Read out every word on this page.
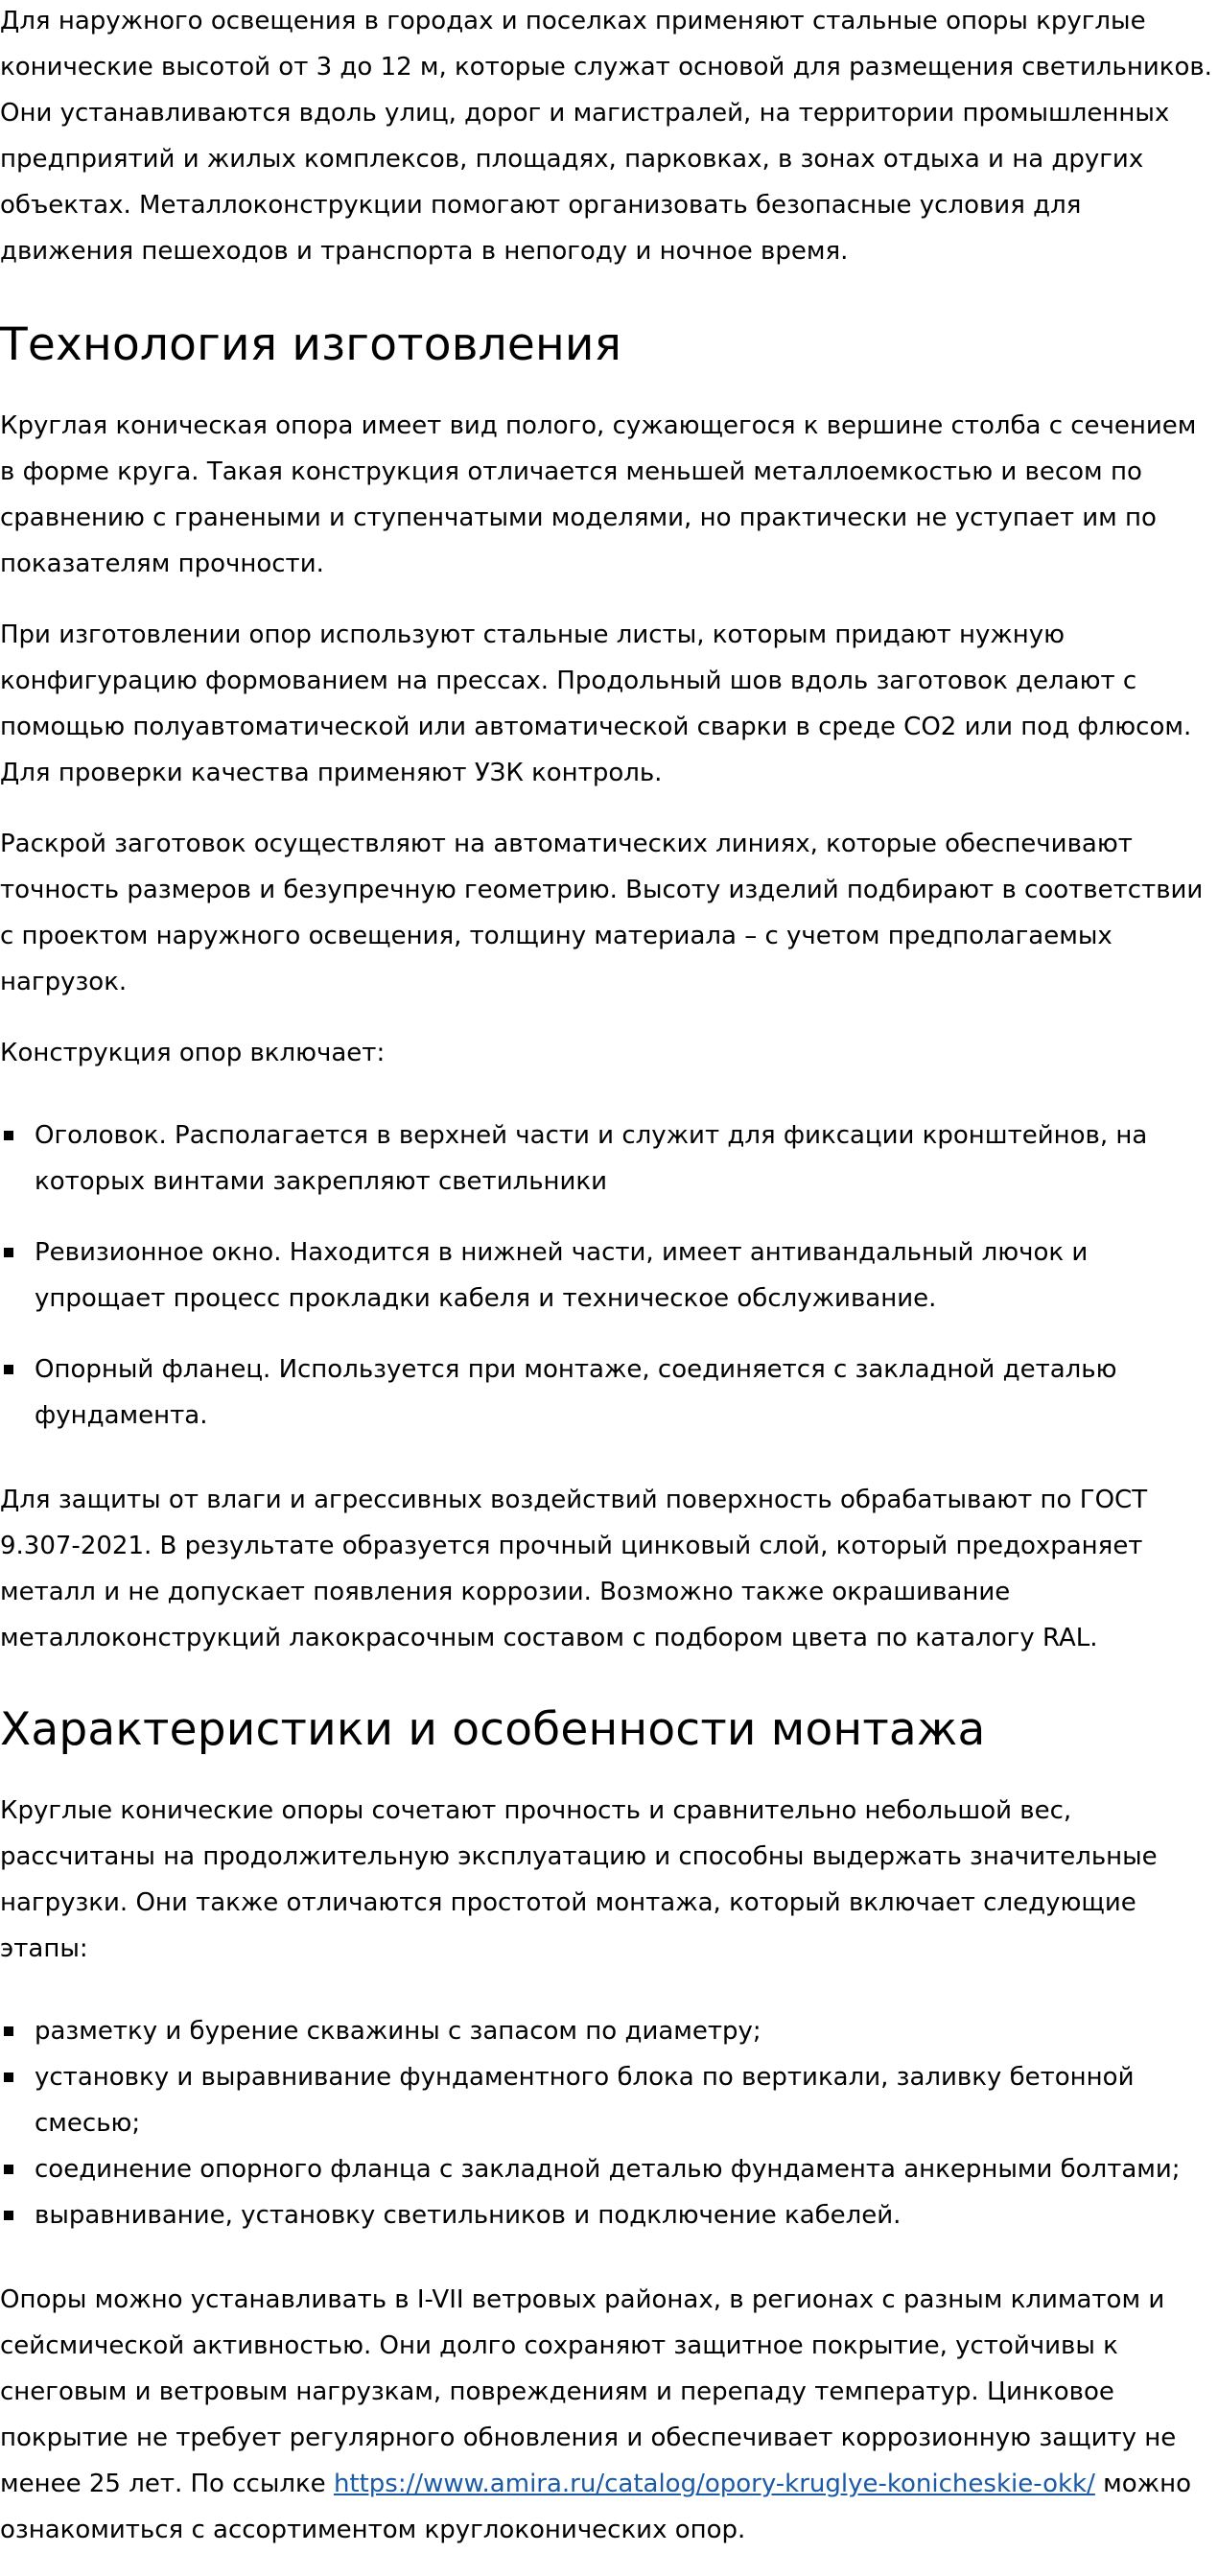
Для наружного освещения в городах и поселках применяют стальные опоры круглые конические высотой от 3 до 12 м, которые служат основой для размещения светильников. Они устанавливаются вдоль улиц, дорог и магистралей, на территории промышленных предприятий и жилых комплексов, площадях, парковках, в зонах отдыха и на других объектах. Металлоконструкции помогают организовать безопасные условия для движения пешеходов и транспорта в непогоду и ночное время.

Технология изготовления

Круглая коническая опора имеет вид полого, сужающегося к вершине столба с сечением в форме круга. Такая конструкция отличается меньшей металлоемкостью и весом по сравнению с гранеными и ступенчатыми моделями, но практически не уступает им по показателям прочности.

При изготовлении опор используют стальные листы, которым придают нужную конфигурацию формованием на прессах. Продольный шов вдоль заготовок делают с помощью полуавтоматической или автоматической сварки в среде CO2 или под флюсом. Для проверки качества применяют УЗК контроль.

Раскрой заготовок осуществляют на автоматических линиях, которые обеспечивают точность размеров и безупречную геометрию. Высоту изделий подбирают в соответствии с проектом наружного освещения, толщину материала – с учетом предполагаемых нагрузок.

Конструкция опор включает:

Оголовок. Располагается в верхней части и служит для фиксации кронштейнов, на которых винтами закрепляют светильники
Ревизионное окно. Находится в нижней части, имеет антивандальный лючок и упрощает процесс прокладки кабеля и техническое обслуживание.
Опорный фланец. Используется при монтаже, соединяется с закладной деталью фундамента.

Для защиты от влаги и агрессивных воздействий поверхность обрабатывают по ГОСТ 9.307-2021. В результате образуется прочный цинковый слой, который предохраняет металл и не допускает появления коррозии. Возможно также окрашивание металлоконструкций лакокрасочным составом с подбором цвета по каталогу RAL.

Характеристики и особенности монтажа

Круглые конические опоры сочетают прочность и сравнительно небольшой вес, рассчитаны на продолжительную эксплуатацию и способны выдержать значительные нагрузки. Они также отличаются простотой монтажа, который включает следующие этапы:

разметку и бурение скважины с запасом по диаметру;
установку и выравнивание фундаментного блока по вертикали, заливку бетонной смесью;
соединение опорного фланца с закладной деталью фундамента анкерными болтами;
выравнивание, установку светильников и подключение кабелей.

Опоры можно устанавливать в I-VII ветровых районах, в регионах с разным климатом и сейсмической активностью. Они долго сохраняют защитное покрытие, устойчивы к снеговым и ветровым нагрузкам, повреждениям и перепаду температур. Цинковое покрытие не требует регулярного обновления и обеспечивает коррозионную защиту не менее 25 лет. По ссылке https://www.amira.ru/catalog/opory-kruglye-konicheskie-okk/ можно ознакомиться с ассортиментом круглоконических опор.
